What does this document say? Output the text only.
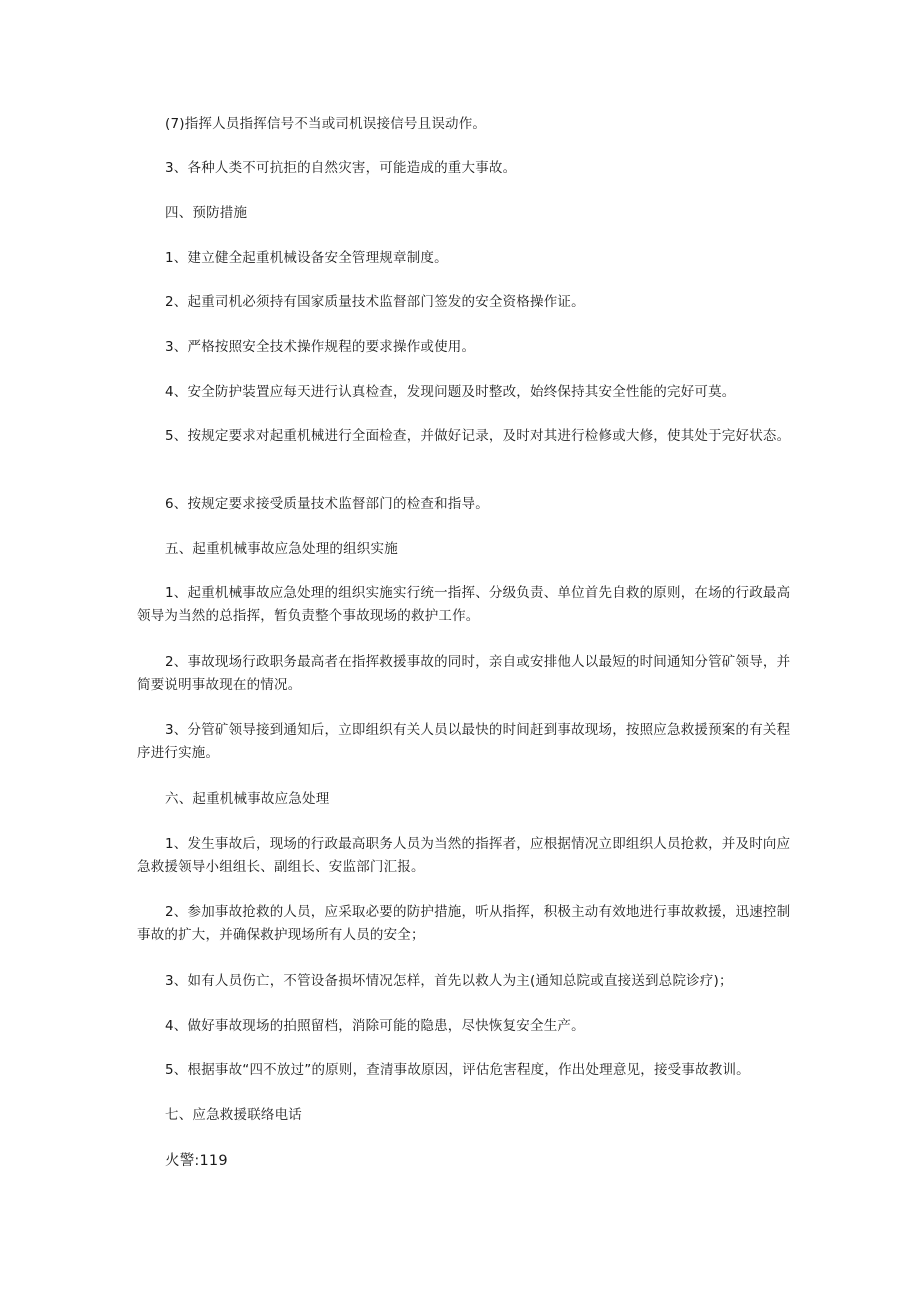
(7)指挥人员指挥信号不当或司机误接信号且误动作。

3、各种人类不可抗拒的自然灾害，可能造成的重大事故。

四、预防措施

1、建立健全起重机械设备安全管理规章制度。

2、起重司机必须持有国家质量技术监督部门签发的安全资格操作证。

3、严格按照安全技术操作规程的要求操作或使用。

4、安全防护装置应每天进行认真检查，发现问题及时整改，始终保持其安全性能的完好可莫。

5、按规定要求对起重机械进行全面检查，并做好记录，及时对其进行检修或大修，使其处于完好状态。

6、按规定要求接受质量技术监督部门的检查和指导。

五、起重机械事故应急处理的组织实施

1、起重机械事故应急处理的组织实施实行统一指挥、分级负责、单位首先自救的原则，在场的行政最高领导为当然的总指挥，暂负责整个事故现场的救护工作。

2、事故现场行政职务最高者在指挥救援事故的同时，亲自或安排他人以最短的时间通知分管矿领导，并简要说明事故现在的情况。

3、分管矿领导接到通知后，立即组织有关人员以最快的时间赶到事故现场，按照应急救援预案的有关程序进行实施。

六、起重机械事故应急处理

1、发生事故后，现场的行政最高职务人员为当然的指挥者，应根据情况立即组织人员抢救，并及时向应急救援领导小组组长、副组长、安监部门汇报。

2、参加事故抢救的人员，应采取必要的防护措施，听从指挥，积极主动有效地进行事故救援，迅速控制事故的扩大，并确保救护现场所有人员的安全；

3、如有人员伤亡，不管设备损坏情况怎样，首先以救人为主(通知总院或直接送到总院诊疗)；

4、做好事故现场的拍照留档，消除可能的隐患，尽快恢复安全生产。

5、根据事故“四不放过”的原则，查清事故原因，评估危害程度，作出处理意见，接受事故教训。

七、应急救援联络电话

火警:119
